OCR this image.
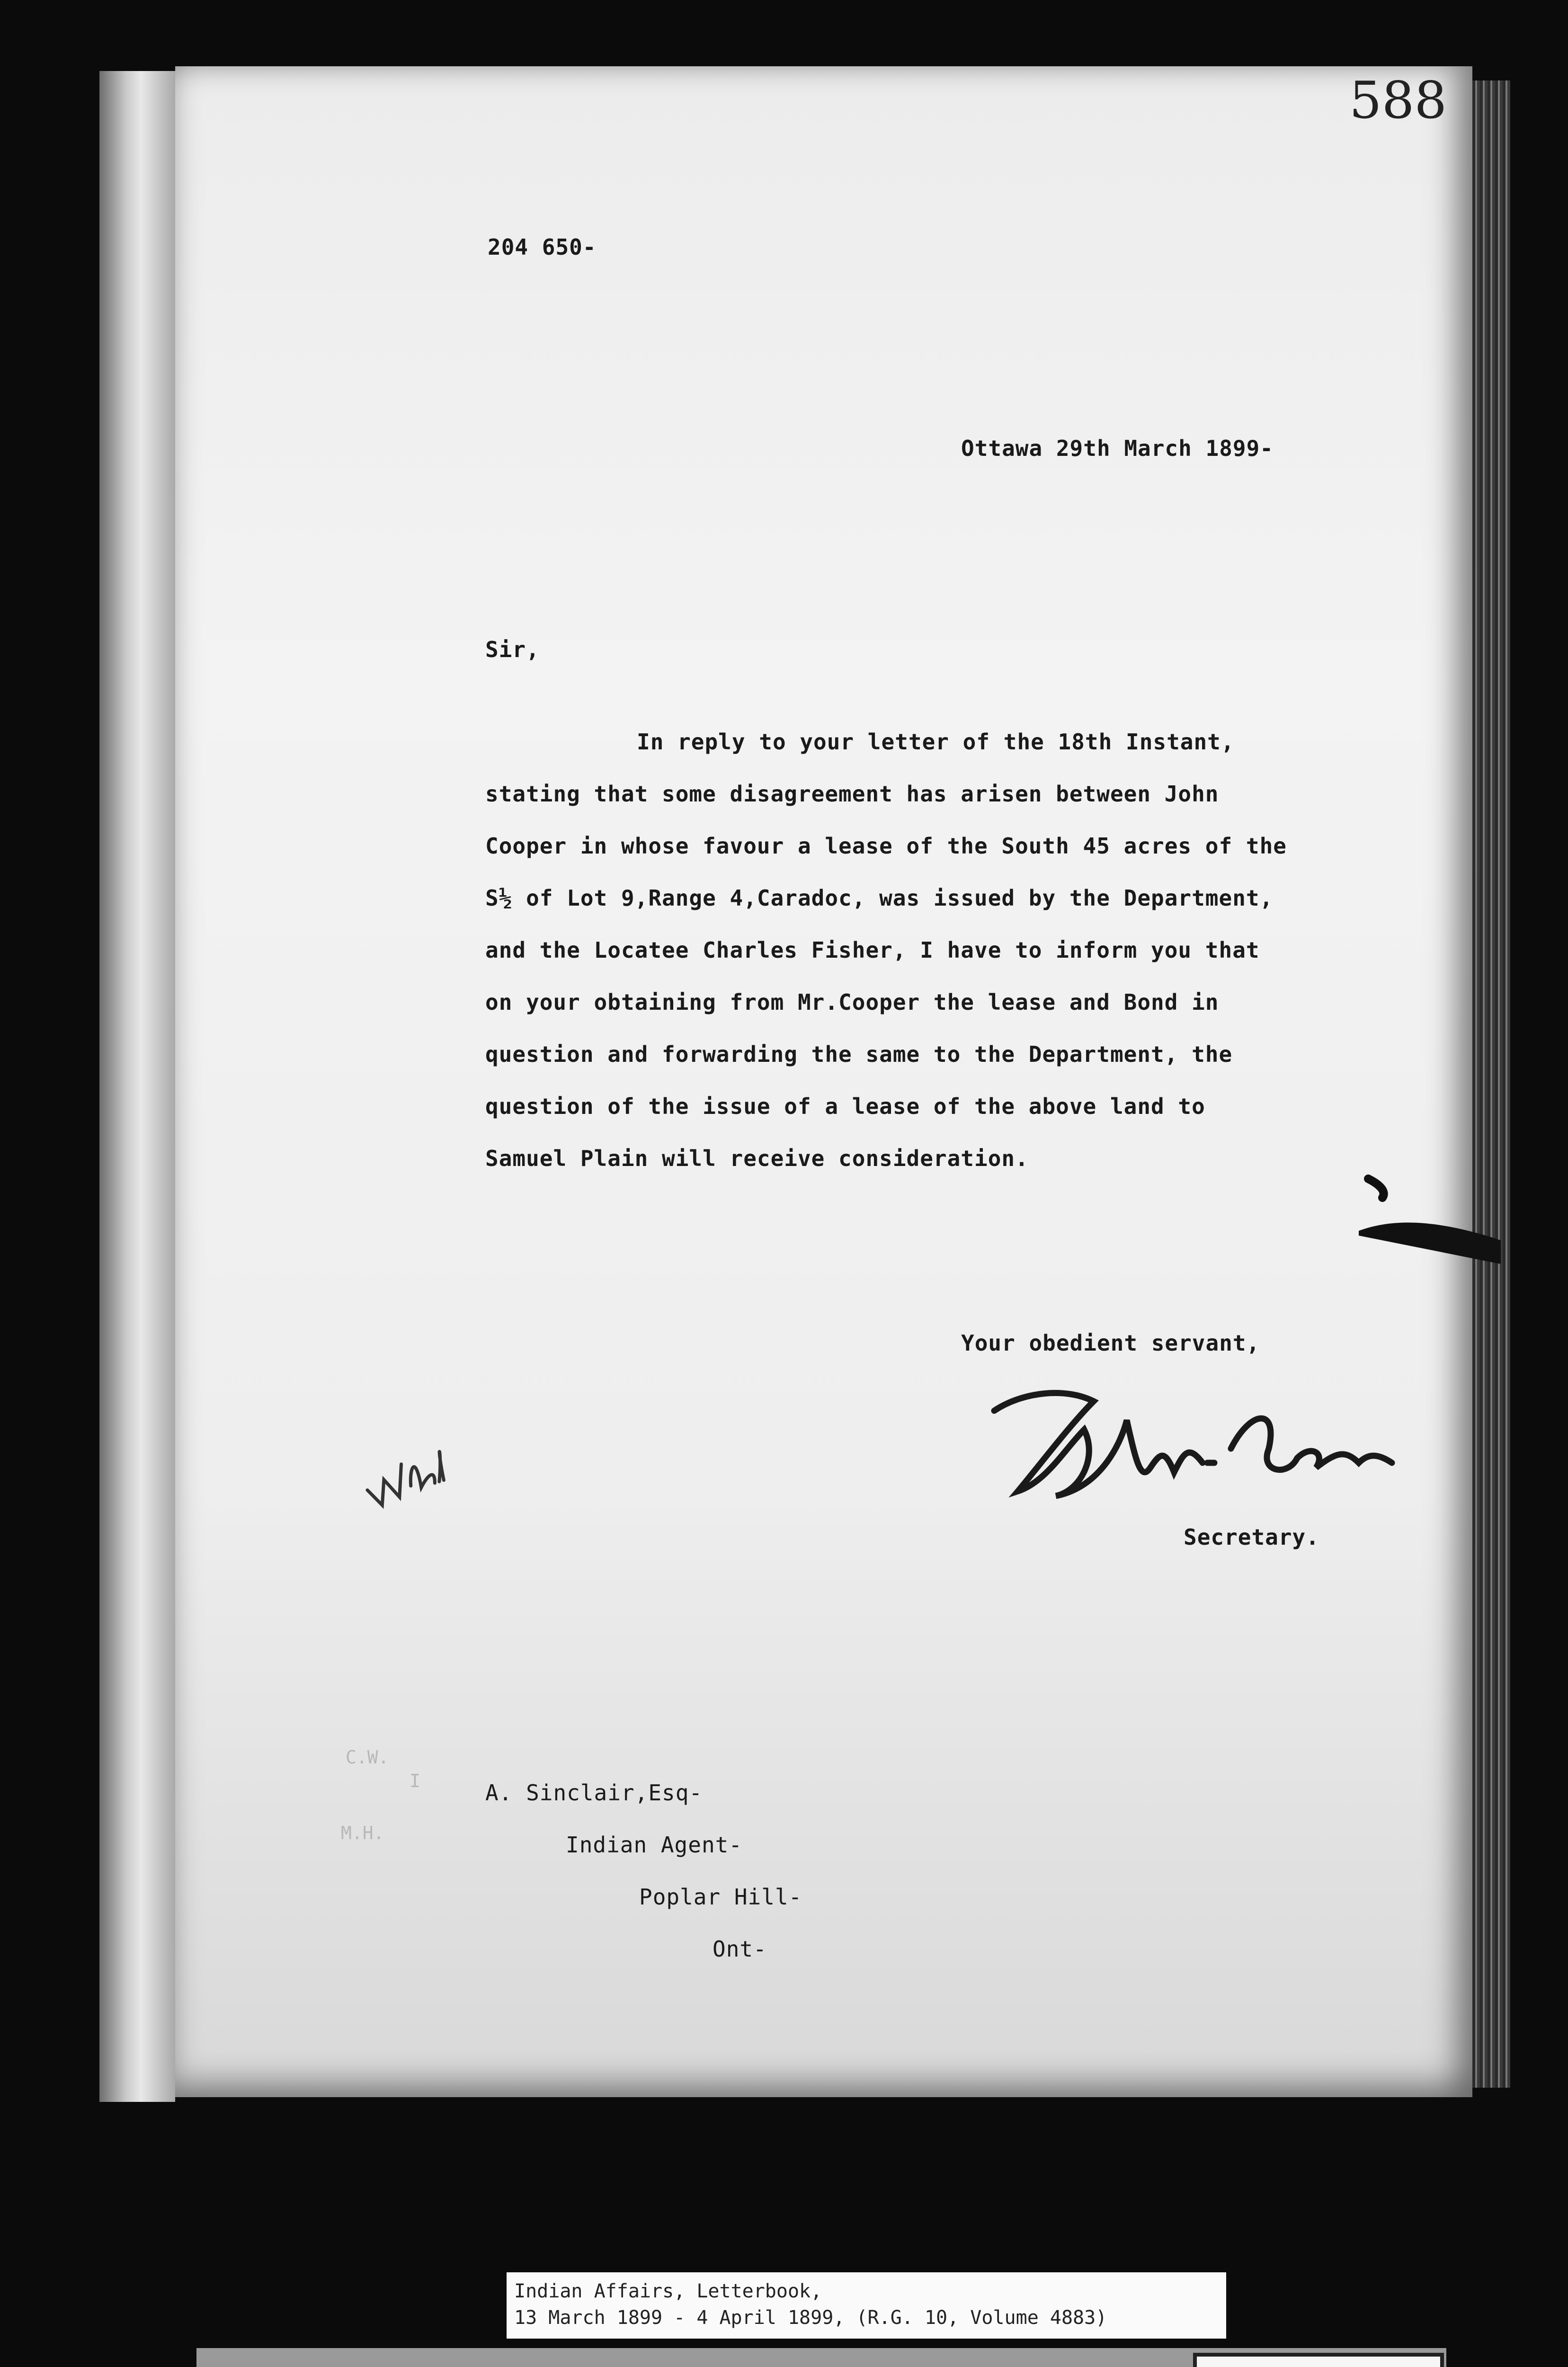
588
204 650-
Ottawa 29th March 1899-
Sir,
In reply to your letter of the 18th Instant,
stating that some disagreement has arisen between John
Cooper in whose favour a lease of the South 45 acres of the
S½ of Lot 9,Range 4,Caradoc, was issued by the Department,
and the Locatee Charles Fisher, I have to inform you that
on your obtaining from Mr.Cooper the lease and Bond in
question and forwarding the same to the Department, the
question of the issue of a lease of the above land to
Samuel Plain will receive consideration.
Your obedient servant,
Secretary.
C.W.
I
M.H.
A. Sinclair,Esq-
Indian Agent-
Poplar Hill-
Ont-
Indian Affairs, Letterbook,
13 March 1899 - 4 April 1899, (R.G. 10, Volume 4883)
